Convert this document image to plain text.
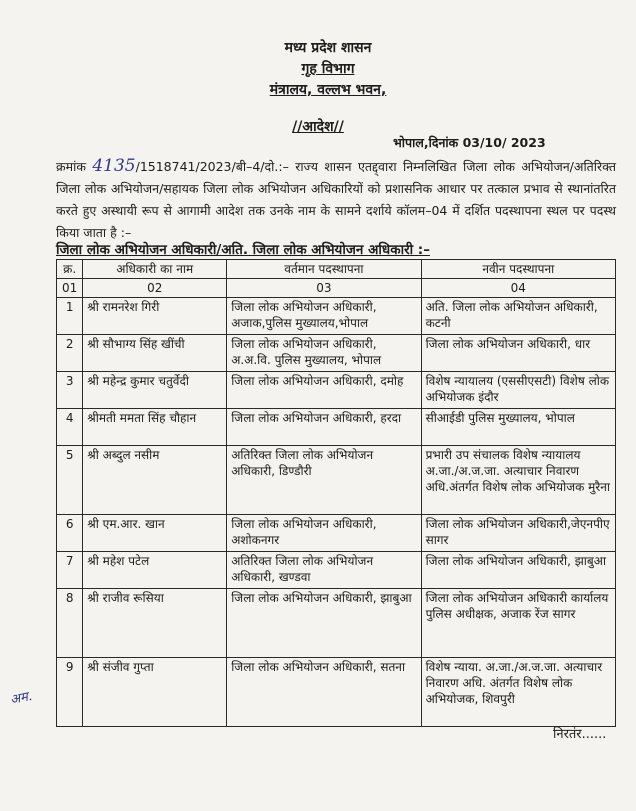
मध्य प्रदेश शासन
गृह विभाग
मंत्रालय, वल्लभ भवन,
//आदेश//
भोपाल,दिनांक 03/10/ 2023
क्रमांक 4135/1518741/2023/बी–4/दो.:– राज्य शासन एतद्द्वारा निम्नलिखित जिला लोक अभियोजन/अतिरिक्त जिला लोक अभियोजन/सहायक जिला लोक अभियोजन अधिकारियों को प्रशासनिक आधार पर तत्काल प्रभाव से स्थानांतरित करते हुए अस्थायी रूप से आगामी आदेश तक उनके नाम के सामने दर्शाये कॉलम–04 में दर्शित पदस्थापना स्थल पर पदस्थ किया जाता है :–
जिला लोक अभियोजन अधिकारी/अति. जिला लोक अभियोजन अधिकारी :–
क्र.	अधिकारी का नाम	वर्तमान पदस्थापना	नवीन पदस्थापना
01	02	03	04
1	श्री रामनरेश गिरी	जिला लोक अभियोजन अधिकारी, अजाक,पुलिस मुख्यालय,भोपाल	अति. जिला लोक अभियोजन अधिकारी, कटनी
2	श्री सौभाग्य सिंह खींची	जिला लोक अभियोजन अधिकारी, अ.अ.वि. पुलिस मुख्यालय, भोपाल	जिला लोक अभियोजन अधिकारी, धार
3	श्री महेन्द्र कुमार चतुर्वेदी	जिला लोक अभियोजन अधिकारी, दमोह	विशेष न्यायालय (एससीएसटी) विशेष लोक अभियोजक इंदौर
4	श्रीमती ममता सिंह चौहान	जिला लोक अभियोजन अधिकारी, हरदा	सीआईडी पुलिस मुख्यालय, भोपाल
5	श्री अब्दुल नसीम	अतिरिक्त जिला लोक अभियोजन अधिकारी, डिण्डौरी	प्रभारी उप संचालक विशेष न्यायालय अ.जा./अ.ज.जा. अत्याचार निवारण अधि.अंतर्गत विशेष लोक अभियोजक मुरैना
6	श्री एम.आर. खान	जिला लोक अभियोजन अधिकारी, अशोकनगर	जिला लोक अभियोजन अधिकारी,जेएनपीए सागर
7	श्री महेश पटेल	अतिरिक्त जिला लोक अभियोजन अधिकारी, खण्डवा	जिला लोक अभियोजन अधिकारी, झाबुआ
8	श्री राजीव रूसिया	जिला लोक अभियोजन अधिकारी, झाबुआ	जिला लोक अभियोजन अधिकारी कार्यालय पुलिस अधीक्षक, अजाक रेंज सागर
9	श्री संजीव गुप्ता	जिला लोक अभियोजन अधिकारी, सतना	विशेष न्याया. अ.जा./अ.ज.जा. अत्याचार निवारण अधि. अंतर्गत विशेष लोक अभियोजक, शिवपुरी
अम.
निरतंर......
